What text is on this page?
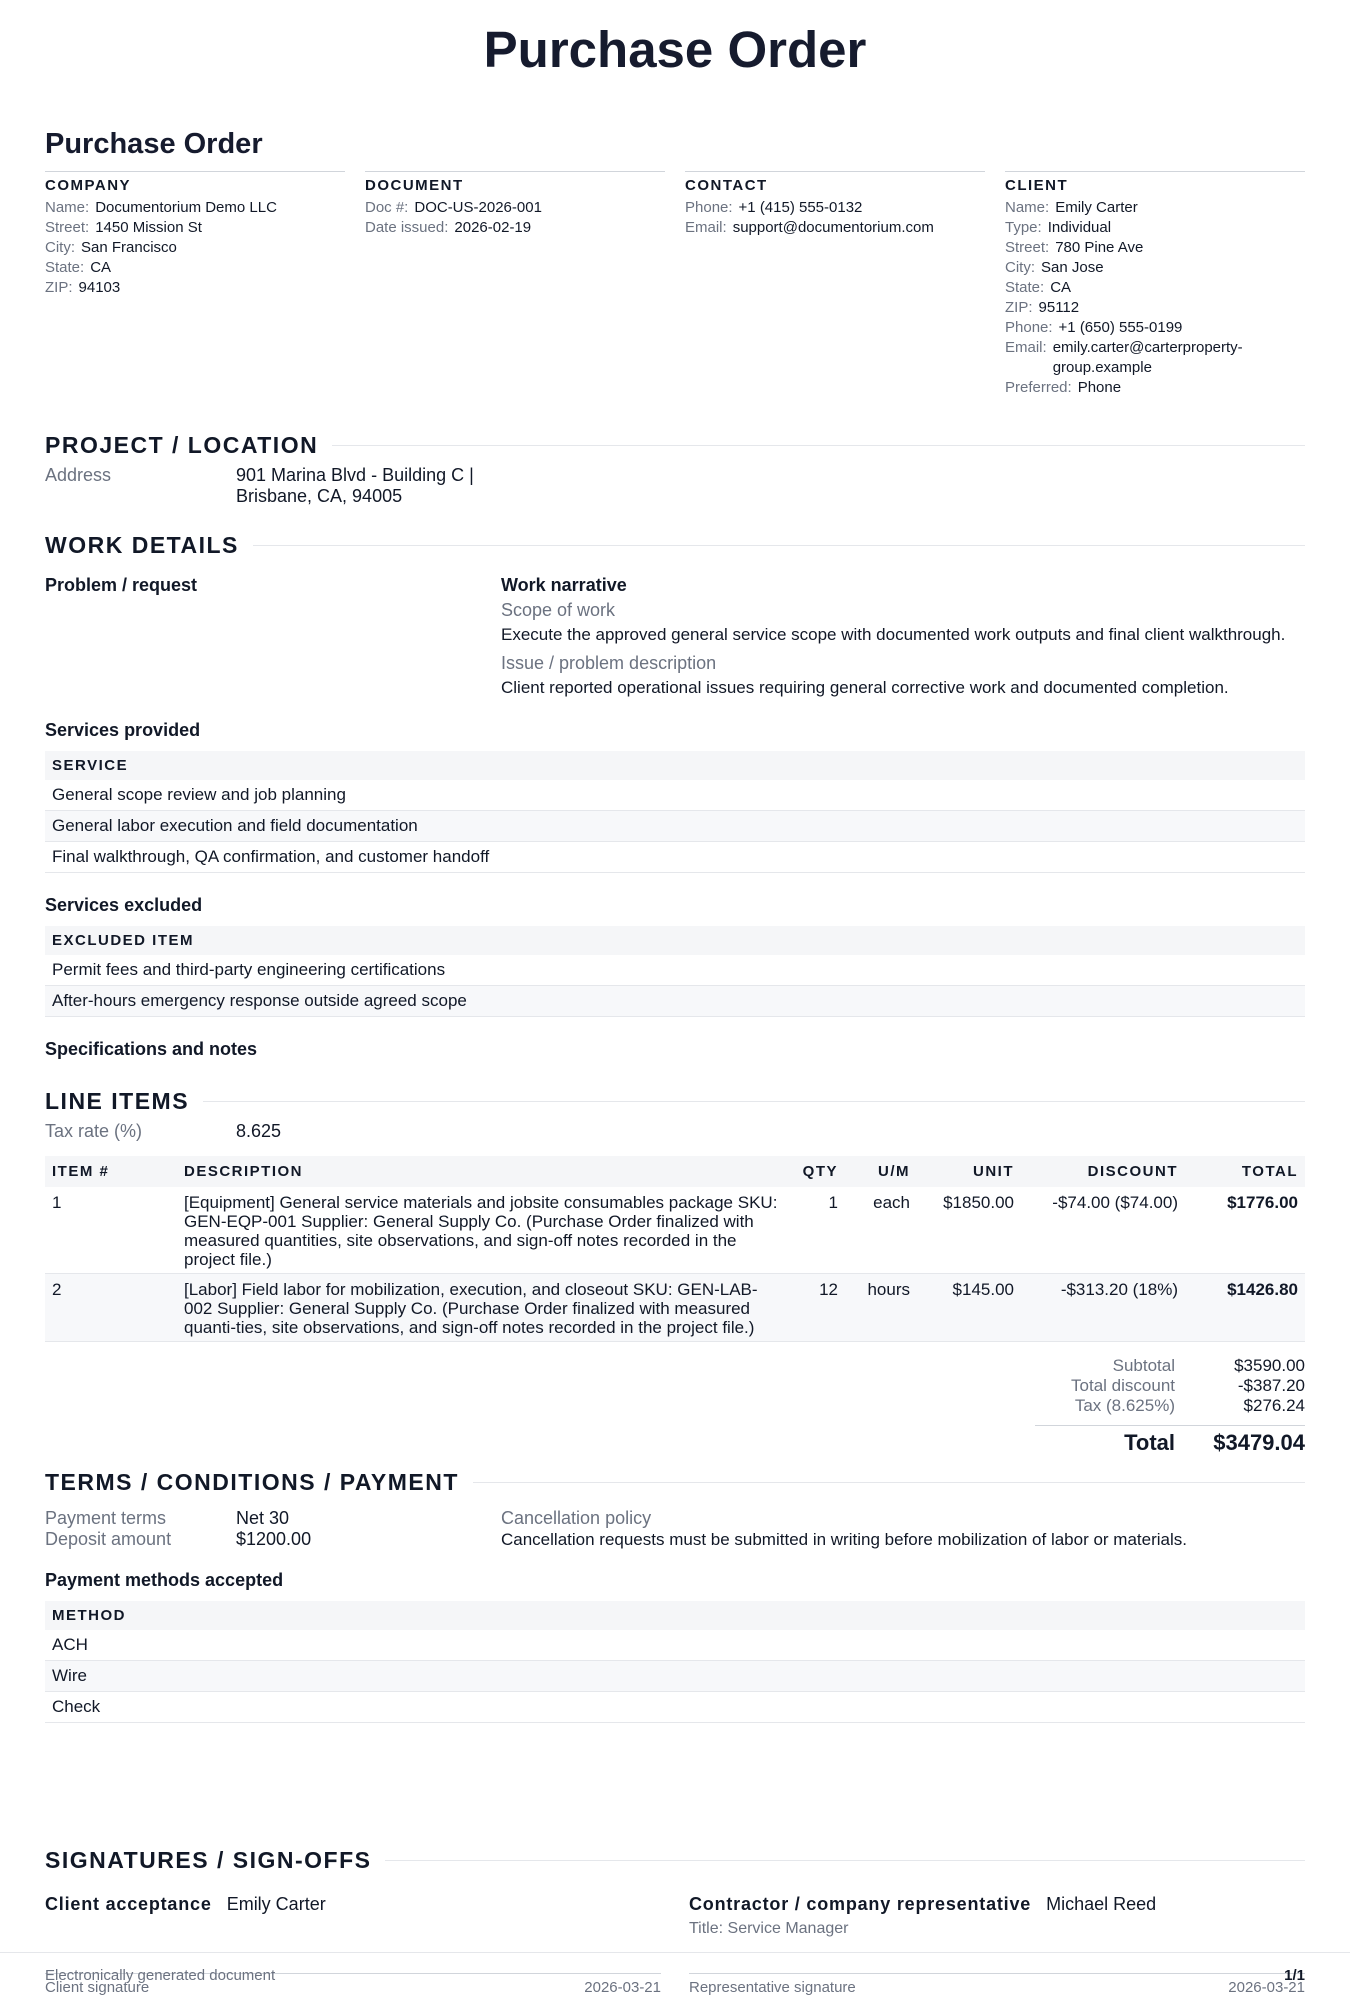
Purchase Order
Purchase Order
COMPANY
Name: Documentorium Demo LLC
Street: 1450 Mission St
City: San Francisco
State: CA
ZIP: 94103
DOCUMENT
Doc #: DOC-US-2026-001
Date issued: 2026-02-19
CONTACT
Phone: +1 (415) 555-0132
Email: support@documentorium.com
CLIENT
Name: Emily Carter
Type: Individual
Street: 780 Pine Ave
City: San Jose
State: CA
ZIP: 95112
Phone: +1 (650) 555-0199
Email: emily.carter@carterproperty-group.example
Preferred: Phone
PROJECT / LOCATION
Address	901 Marina Blvd - Building C |
Brisbane, CA, 94005
WORK DETAILS
Problem / request	Work narrative
Scope of work
Execute the approved general service scope with documented work outputs and final client walkthrough.
Issue / problem description
Client reported operational issues requiring general corrective work and documented completion.
Services provided
SERVICE
General scope review and job planning
General labor execution and field documentation
Final walkthrough, QA confirmation, and customer handoff
Services excluded
EXCLUDED ITEM
Permit fees and third-party engineering certifications
After-hours emergency response outside agreed scope
Specifications and notes
LINE ITEMS
Tax rate (%)	8.625
ITEM #	DESCRIPTION	QTY	U/M	UNIT	DISCOUNT	TOTAL
1	[Equipment] General service materials and jobsite consumables package SKU: GEN-EQP-001 Supplier: General Supply Co. (Purchase Order finalized with measured quantities, site observations, and sign-off notes recorded in the project file.)	1	each	$1850.00	-$74.00 ($74.00)	$1776.00
2	[Labor] Field labor for mobilization, execution, and closeout SKU: GEN-LAB-002 Supplier: General Supply Co. (Purchase Order finalized with measured quanti-ties, site observations, and sign-off notes recorded in the project file.)	12	hours	$145.00	-$313.20 (18%)	$1426.80
Subtotal	$3590.00
Total discount	-$387.20
Tax (8.625%)	$276.24
Total	$3479.04
TERMS / CONDITIONS / PAYMENT
Payment terms	Net 30
Deposit amount	$1200.00
Cancellation policy
Cancellation requests must be submitted in writing before mobilization of labor or materials.
Payment methods accepted
METHOD
ACH
Wire
Check
SIGNATURES / SIGN-OFFS
Client acceptance Emily Carter
Client signature	2026-03-21
Contractor / company representative Michael Reed
Title: Service Manager
Representative signature	2026-03-21
Electronically generated document	1/1
